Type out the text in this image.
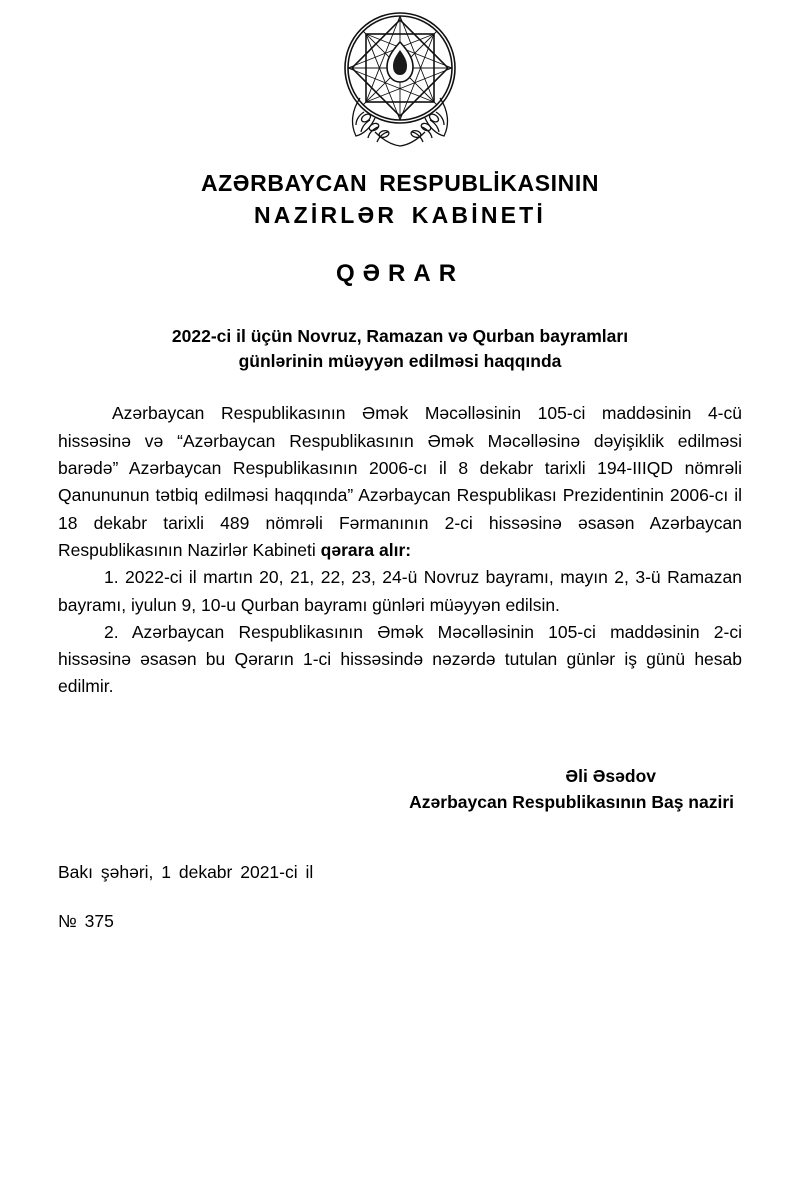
AZƏRBAYCAN RESPUBLİKASININ
NAZİRLƏR KABİNETİ
QƏRAR
2022-ci il üçün Novruz, Ramazan və Qurban bayramları
günlərinin müəyyən edilməsi haqqında

Azərbaycan Respublikasının Əmək Məcəlləsinin 105-ci maddəsinin 4-cü hissəsinə və “Azərbaycan Respublikasının Əmək Məcəlləsinə dəyişiklik edilməsi barədə” Azərbaycan Respublikasının 2006-cı il 8 dekabr tarixli 194-IIIQD nömrəli Qanununun tətbiq edilməsi haqqında” Azərbaycan Respublikası Prezidentinin 2006-cı il 18 dekabr tarixli 489 nömrəli Fərmanının 2-ci hissəsinə əsasən Azərbaycan Respublikasının Nazirlər Kabineti qərara alır:

1. 2022-ci il martın 20, 21, 22, 23, 24-ü Novruz bayramı, mayın 2, 3-ü Ramazan bayramı, iyulun 9, 10-u Qurban bayramı günləri müəyyən edilsin.

2. Azərbaycan Respublikasının Əmək Məcəlləsinin 105-ci maddəsinin 2-ci hissəsinə əsasən bu Qərarın 1-ci hissəsində nəzərdə tutulan günlər iş günü hesab edilmir.

Əli Əsədov
Azərbaycan Respublikasının Baş naziri
Bakı şəhəri, 1 dekabr 2021-ci il
№ 375
